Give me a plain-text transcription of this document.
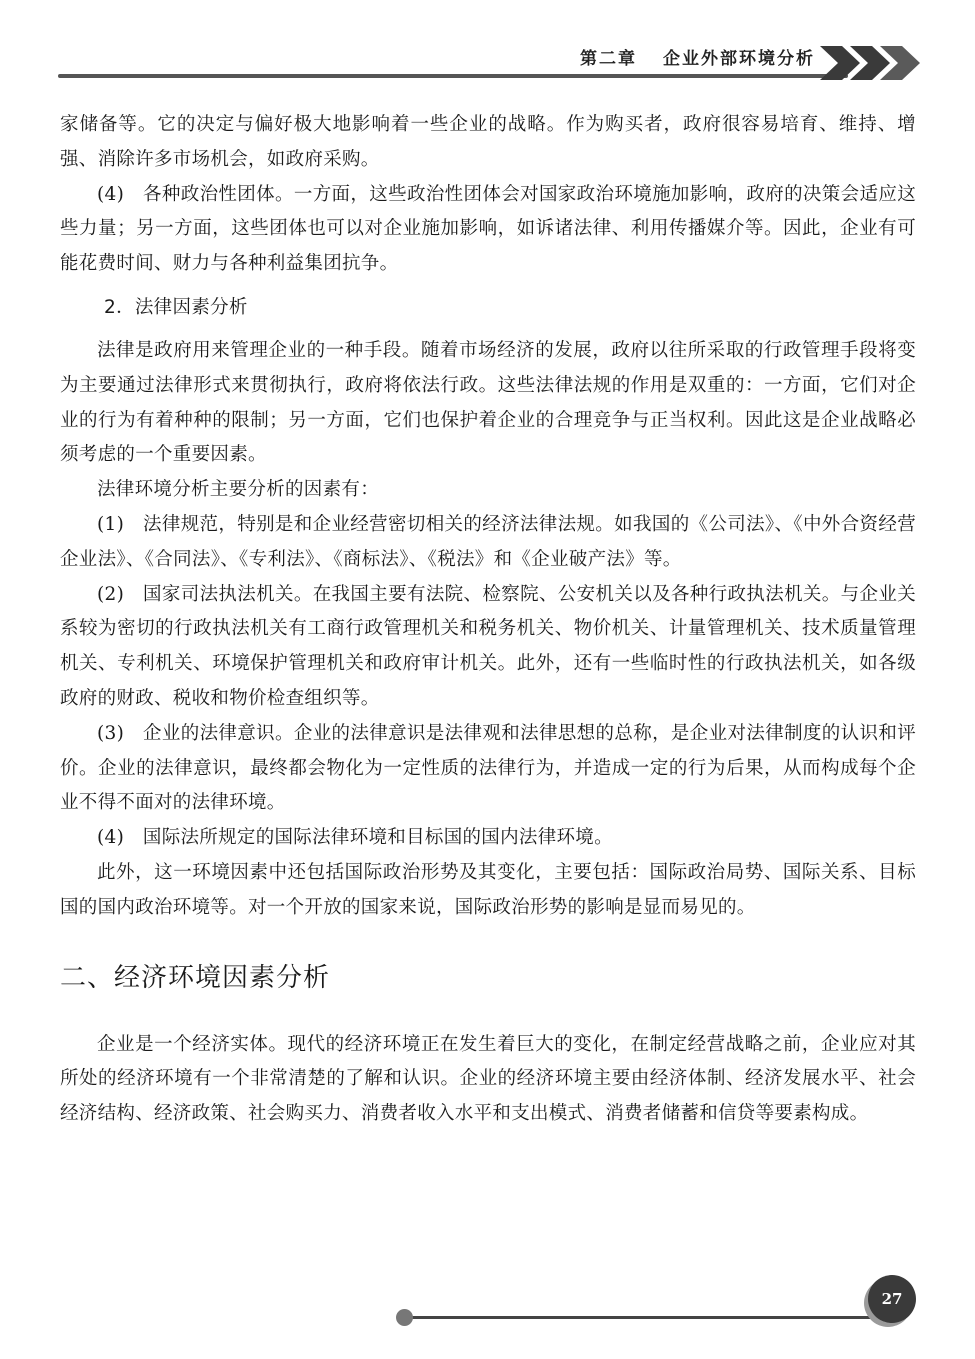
第二章 企业外部环境分析

家储备等。它的决定与偏好极大地影响着一些企业的战略。作为购买者，政府很容易培育、维持、增强、消除许多市场机会，如政府采购。

(4)　各种政治性团体。一方面，这些政治性团体会对国家政治环境施加影响，政府的决策会适应这些力量；另一方面，这些团体也可以对企业施加影响，如诉诸法律、利用传播媒介等。因此，企业有可能花费时间、财力与各种利益集团抗争。

2．法律因素分析

法律是政府用来管理企业的一种手段。随着市场经济的发展，政府以往所采取的行政管理手段将变为主要通过法律形式来贯彻执行，政府将依法行政。这些法律法规的作用是双重的：一方面，它们对企业的行为有着种种的限制；另一方面，它们也保护着企业的合理竞争与正当权利。因此这是企业战略必须考虑的一个重要因素。

法律环境分析主要分析的因素有：

(1)　法律规范，特别是和企业经营密切相关的经济法律法规。如我国的《公司法》、《中外合资经营企业法》、《合同法》、《专利法》、《商标法》、《税法》和《企业破产法》等。

(2)　国家司法执法机关。在我国主要有法院、检察院、公安机关以及各种行政执法机关。与企业关系较为密切的行政执法机关有工商行政管理机关和税务机关、物价机关、计量管理机关、技术质量管理机关、专利机关、环境保护管理机关和政府审计机关。此外，还有一些临时性的行政执法机关，如各级政府的财政、税收和物价检查组织等。

(3)　企业的法律意识。企业的法律意识是法律观和法律思想的总称，是企业对法律制度的认识和评价。企业的法律意识，最终都会物化为一定性质的法律行为，并造成一定的行为后果，从而构成每个企业不得不面对的法律环境。

(4)　国际法所规定的国际法律环境和目标国的国内法律环境。

此外，这一环境因素中还包括国际政治形势及其变化，主要包括：国际政治局势、国际关系、目标国的国内政治环境等。对一个开放的国家来说，国际政治形势的影响是显而易见的。

二、经济环境因素分析

企业是一个经济实体。现代的经济环境正在发生着巨大的变化，在制定经营战略之前，企业应对其所处的经济环境有一个非常清楚的了解和认识。企业的经济环境主要由经济体制、经济发展水平、社会经济结构、经济政策、社会购买力、消费者收入水平和支出模式、消费者储蓄和信贷等要素构成。

27
